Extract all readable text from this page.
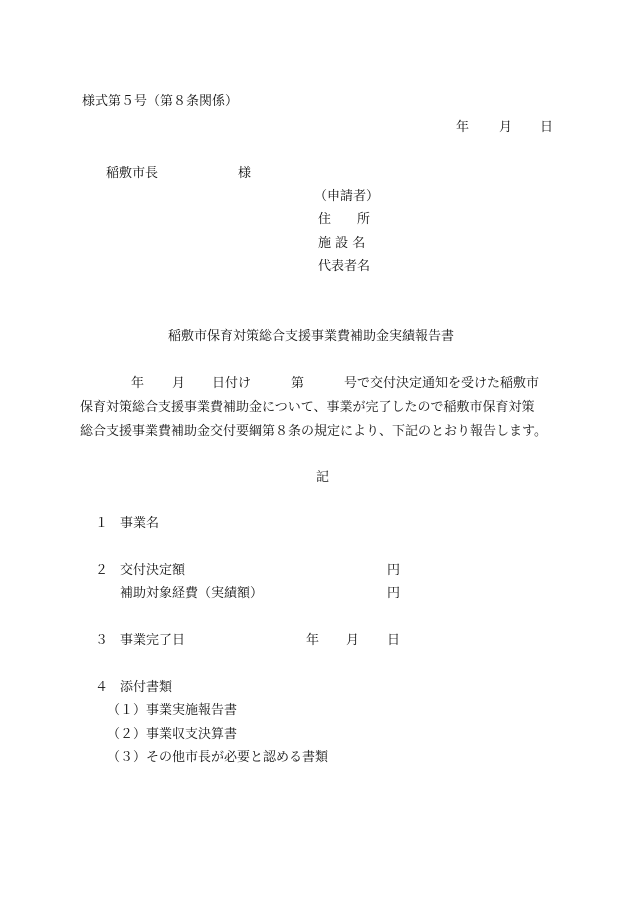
様式第５号（第８条関係）
年 月 日
稲敷市長	様
（申請者）
住　　所
施 設 名
代表者名
稲敷市保育対策総合支援事業費補助金実績報告書
年 月 日付け	第	号で交付決定通知を受けた稲敷市
保育対策総合支援事業費補助金について、事業が完了したので稲敷市保育対策
総合支援事業費補助金交付要綱第８条の規定により、下記のとおり報告します。
記
１ 事業名
２ 交付決定額	円
補助対象経費（実績額）	円
３ 事業完了日	年 月 日
４ 添付書類
（１）事業実施報告書
（２）事業収支決算書
（３）その他市長が必要と認める書類
